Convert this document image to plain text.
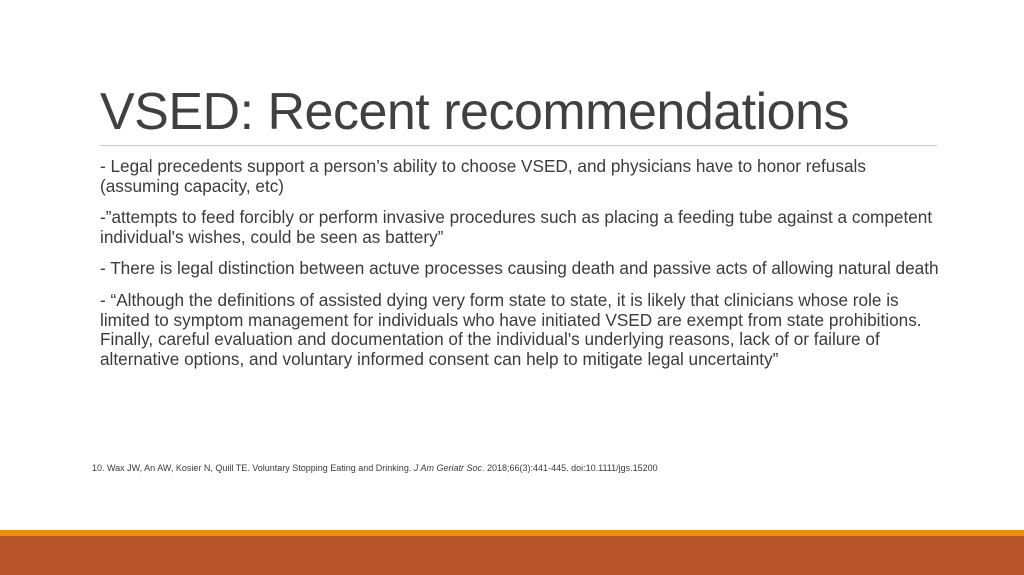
VSED: Recent recommendations

- Legal precedents support a person’s ability to choose VSED, and physicians have to honor refusals (assuming capacity, etc)

-”attempts to feed forcibly or perform invasive procedures such as placing a feeding tube against a competent individual's wishes, could be seen as battery”

- There is legal distinction between actuve processes causing death and passive acts of allowing natural death

- “Although the definitions of assisted dying very form state to state, it is likely that clinicians whose role is limited to symptom management for individuals who have initiated VSED are exempt from state prohibitions. Finally, careful evaluation and documentation of the individual's underlying reasons, lack of or failure of alternative options, and voluntary informed consent can help to mitigate legal uncertainty”

10. Wax JW, An AW, Kosier N, Quill TE. Voluntary Stopping Eating and Drinking. J Am Geriatr Soc. 2018;66(3):441-445. doi:10.1111/jgs.15200
